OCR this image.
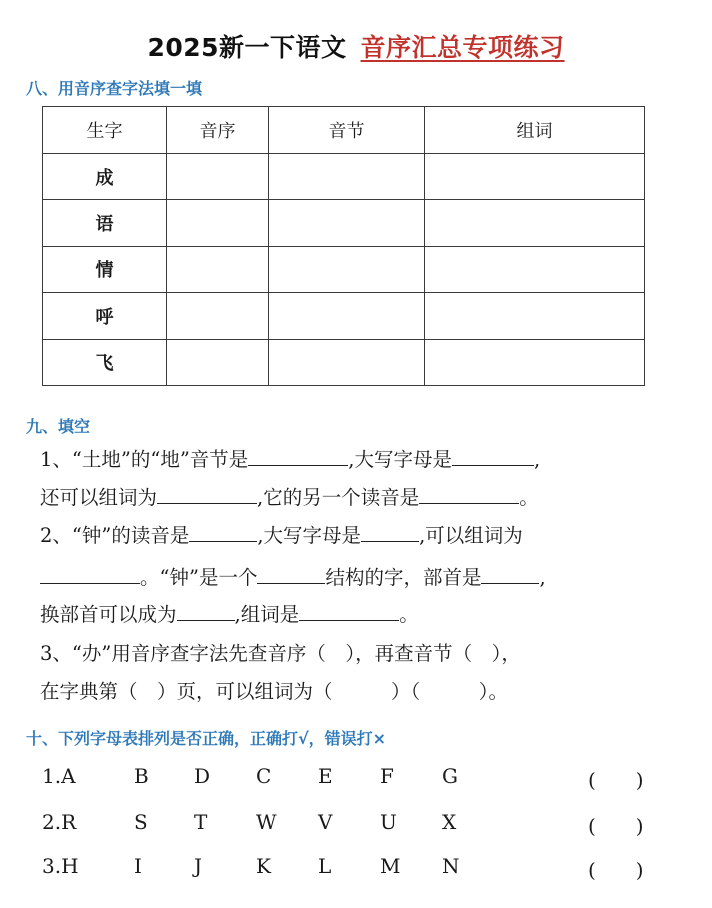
2025新一下语文 音序汇总专项练习
八、用音序查字法填一填
生字	音序	音节	组词
成			
语			
情			
呼			
飞			
九、填空
1、“土地”的“地”音节是	,大写字母是	,
还可以组词为	,它的另一个读音是	。
2、“钟”的读音是	,大写字母是	,可以组词为
。“钟”是一个	结构的字，部首是	,
换部首可以成为	,组词是	。
3、“办”用音序查字法先查音序（　），再查音节（　），
在字典第（　）页，可以组词为（　　　）（　　　）。
十、下列字母表排列是否正确，正确打√，错误打×
1.A	B D C E F G	(　　)
2.R	S T W V U X	(　　)
3.H	I	J	K L M N	(　　)
